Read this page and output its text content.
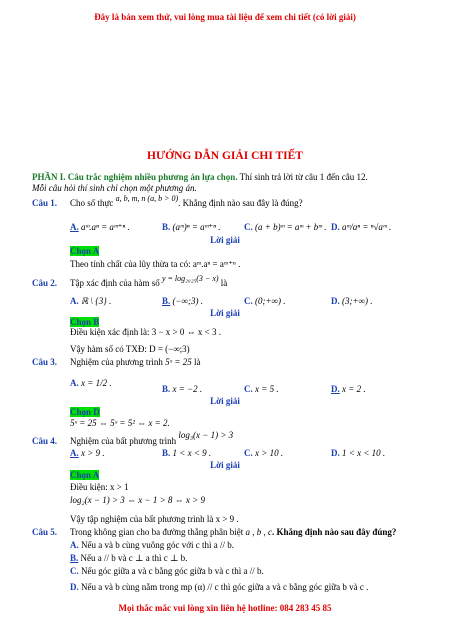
Đây là bản xem thử, vui lòng mua tài liệu để xem chi tiết (có lời giải)
HƯỚNG DẪN GIẢI CHI TIẾT
PHẦN I. Câu trắc nghiệm nhiều phương án lựa chọn. Thí sinh trả lời từ câu 1 đến câu 12.
Mỗi câu hỏi thí sinh chỉ chọn một phương án.
Câu 1. Cho số thực a, b, m, n (a, b > 0). Khẳng định nào sau đây là đúng?
A. aᵐ.aⁿ = aᵐ⁺ⁿ .	B. (aᵐ)ⁿ = aᵐ⁺ⁿ .	C. (a + b)ᵐ = aᵐ + bᵐ . D. aᵐ/aⁿ = ⁿ√aᵐ .
Lời giải
Chọn A
Theo tính chất của lũy thừa ta có: aᵐ.aⁿ = aᵐ⁺ⁿ .
Câu 2. Tập xác định của hàm số y = log₂₀₂₅(3 − x) là
A. ℝ \ {3} .	B. (−∞;3) .	C. (0;+∞) .	D. (3;+∞) .
Lời giải
Chọn B
Điều kiện xác định là: 3 − x > 0 ⇔ x < 3 .
Vậy hàm số có TXĐ: D = (−∞;3)
Câu 3. Nghiệm của phương trình 5ˣ = 25 là
A. x = 1/2 .
B. x = −2 .	C. x = 5 .	D. x = 2 .
Lời giải
Chọn D
5ˣ = 25 ⇔ 5ˣ = 5² ⇔ x = 2.
Câu 4. Nghiệm của bất phương trình log₃(x − 1) > 3
A. x > 9 .	B. 1 < x < 9 .	C. x > 10 .	D. 1 < x < 10 .
Lời giải
Chọn A
Điều kiện: x > 1
log₂(x − 1) > 3 ⇔ x − 1 > 8 ⇔ x > 9
Vậy tập nghiệm của bất phương trình là x > 9 .
Câu 5. Trong không gian cho ba đường thẳng phân biệt a , b , c. Khẳng định nào sau đây đúng?
A. Nếu a và b cùng vuông góc với c thì a // b.
B. Nếu a // b và c ⊥ a thì c ⊥ b.
C. Nếu góc giữa a và c bằng góc giữa b và c thì a // b.
D. Nếu a và b cùng nằm trong mp (α) // c thì góc giữa a và c bằng góc giữa b và c .
Mọi thắc mắc vui lòng xin liên hệ hotline: 084 283 45 85
